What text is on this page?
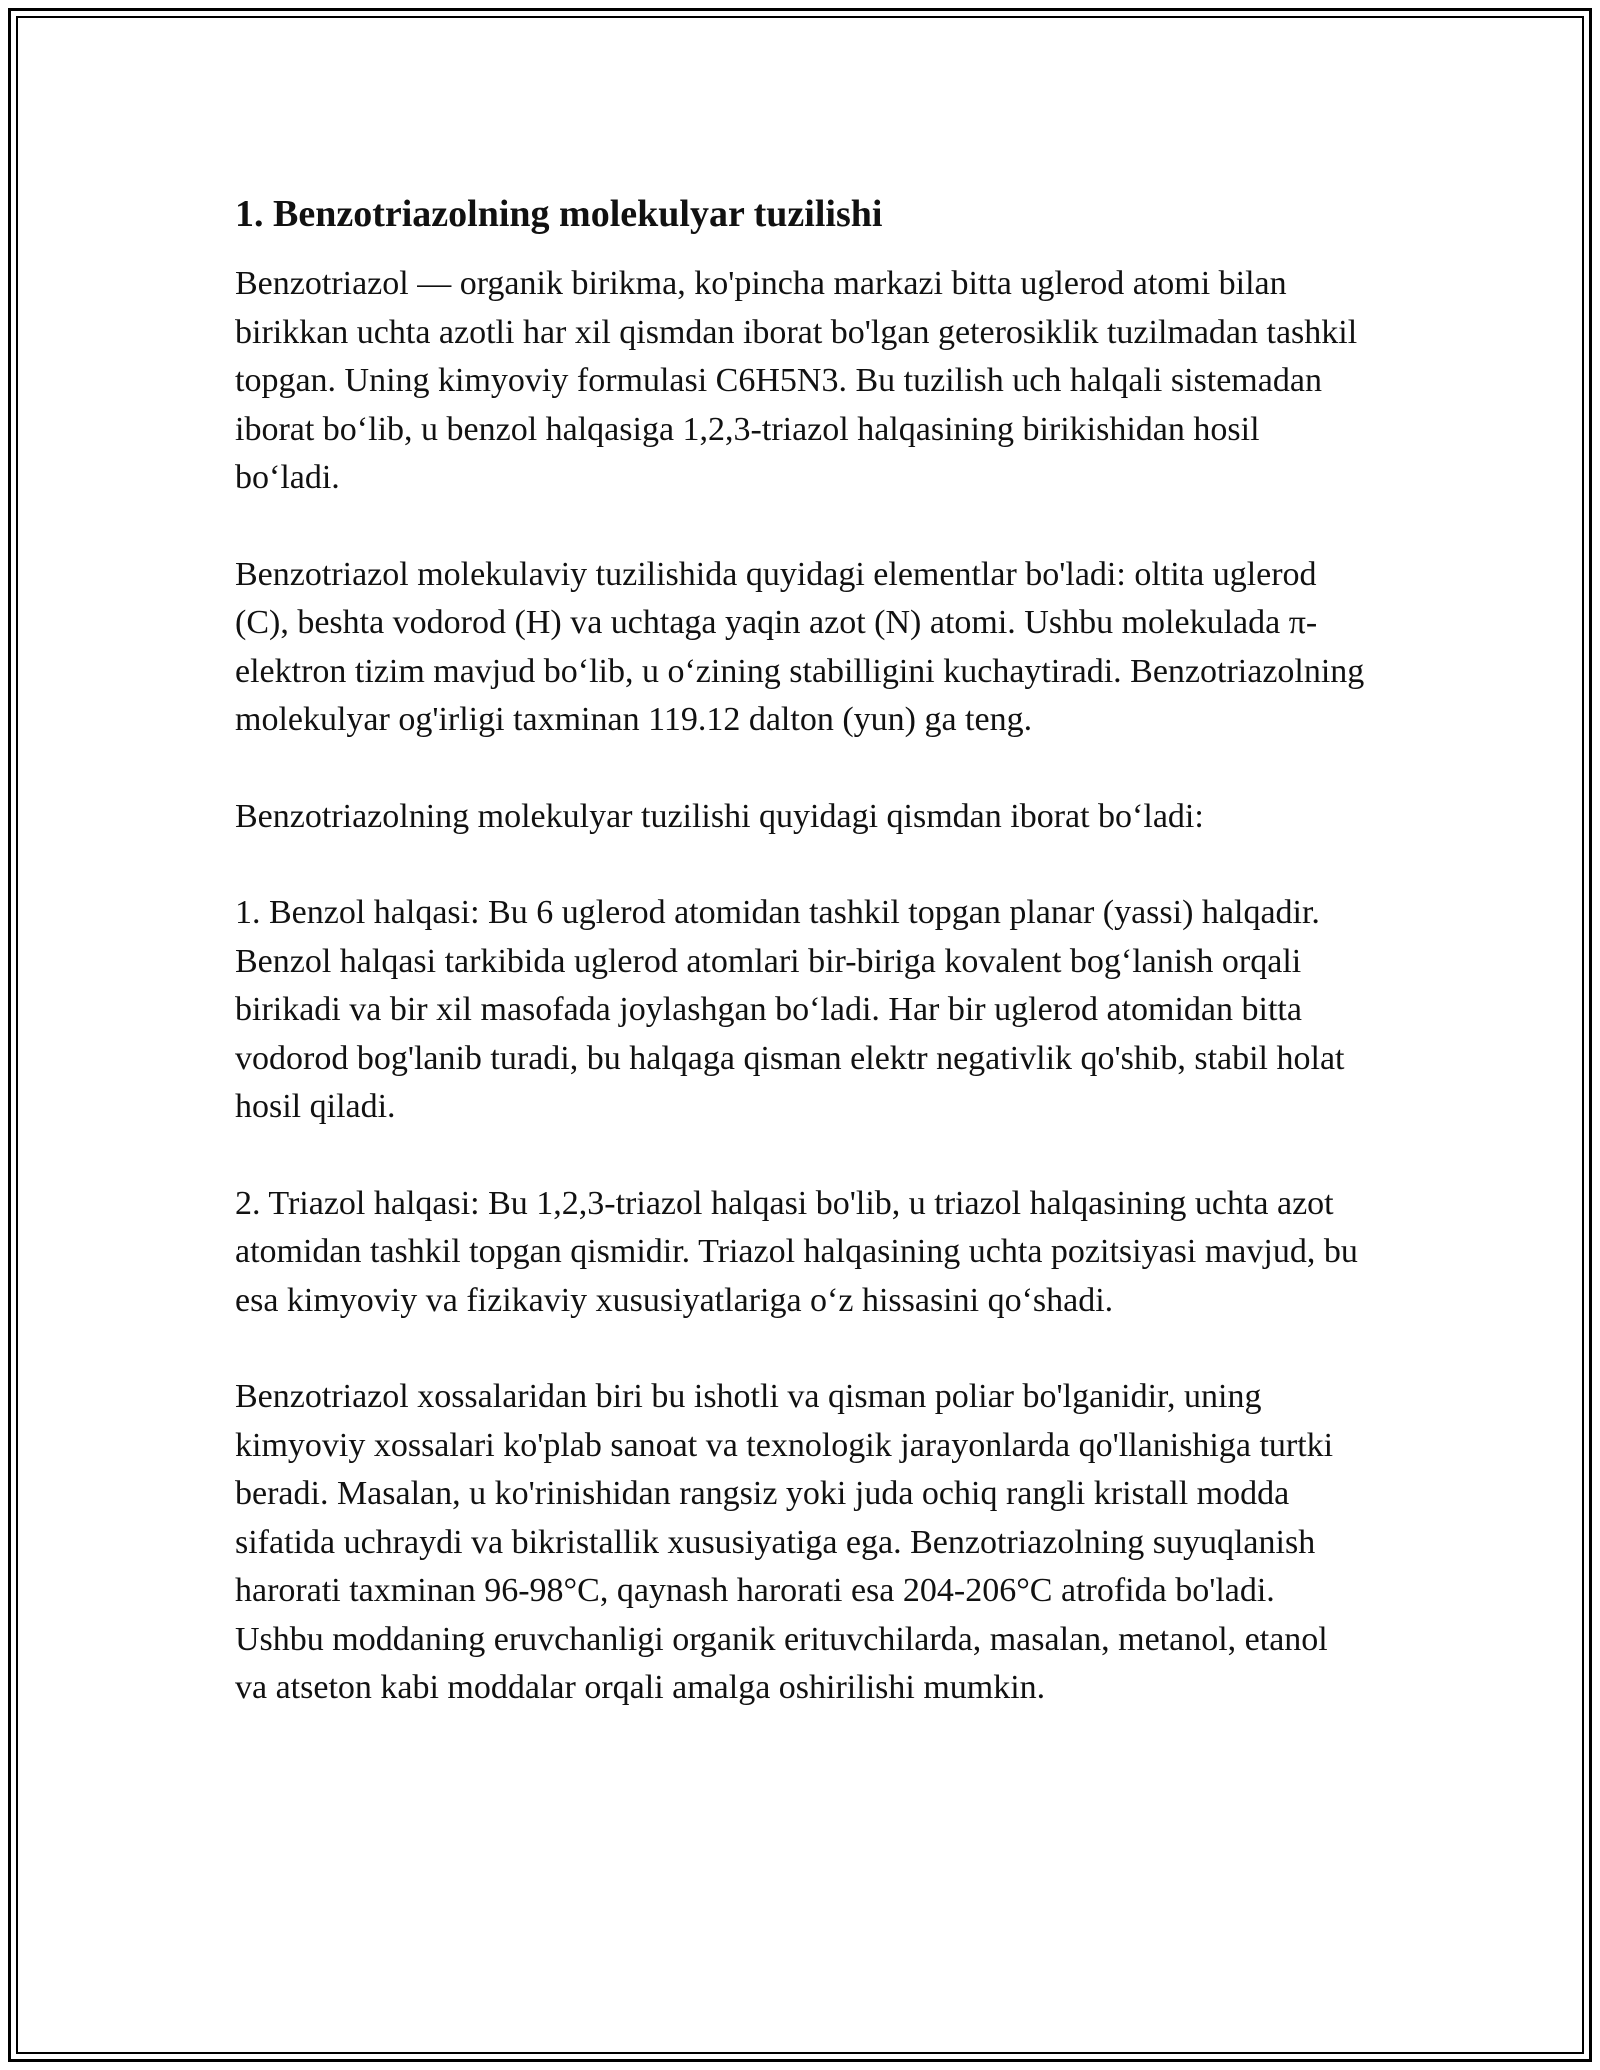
1. Benzotriazolning molekulyar tuzilishi

Benzotriazol — organik birikma, ko'pincha markazi bitta uglerod atomi bilan birikkan uchta azotli har xil qismdan iborat bo'lgan geterosiklik tuzilmadan tashkil topgan. Uning kimyoviy formulasi C6H5N3. Bu tuzilish uch halqali sistemadan iborat bo‘lib, u benzol halqasiga 1,2,3-triazol halqasining birikishidan hosil bo‘ladi.

Benzotriazol molekulaviy tuzilishida quyidagi elementlar bo'ladi: oltita uglerod (C), beshta vodorod (H) va uchtaga yaqin azot (N) atomi. Ushbu molekulada π-elektron tizim mavjud bo‘lib, u o‘zining stabilligini kuchaytiradi. Benzotriazolning molekulyar og'irligi taxminan 119.12 dalton (yun) ga teng.

Benzotriazolning molekulyar tuzilishi quyidagi qismdan iborat bo‘ladi:

1. Benzol halqasi: Bu 6 uglerod atomidan tashkil topgan planar (yassi) halqadir. Benzol halqasi tarkibida uglerod atomlari bir-biriga kovalent bog‘lanish orqali birikadi va bir xil masofada joylashgan bo‘ladi. Har bir uglerod atomidan bitta vodorod bog'lanib turadi, bu halqaga qisman elektr negativlik qo'shib, stabil holat hosil qiladi.

2. Triazol halqasi: Bu 1,2,3-triazol halqasi bo'lib, u triazol halqasining uchta azot atomidan tashkil topgan qismidir. Triazol halqasining uchta pozitsiyasi mavjud, bu esa kimyoviy va fizikaviy xususiyatlariga o‘z hissasini qo‘shadi.

Benzotriazol xossalaridan biri bu ishotli va qisman poliar bo'lganidir, uning kimyoviy xossalari ko'plab sanoat va texnologik jarayonlarda qo'llanishiga turtki beradi. Masalan, u ko'rinishidan rangsiz yoki juda ochiq rangli kristall modda sifatida uchraydi va bikristallik xususiyatiga ega. Benzotriazolning suyuqlanish harorati taxminan 96-98°C, qaynash harorati esa 204-206°C atrofida bo'ladi. Ushbu moddaning eruvchanligi organik erituvchilarda, masalan, metanol, etanol va atseton kabi moddalar orqali amalga oshirilishi mumkin.
